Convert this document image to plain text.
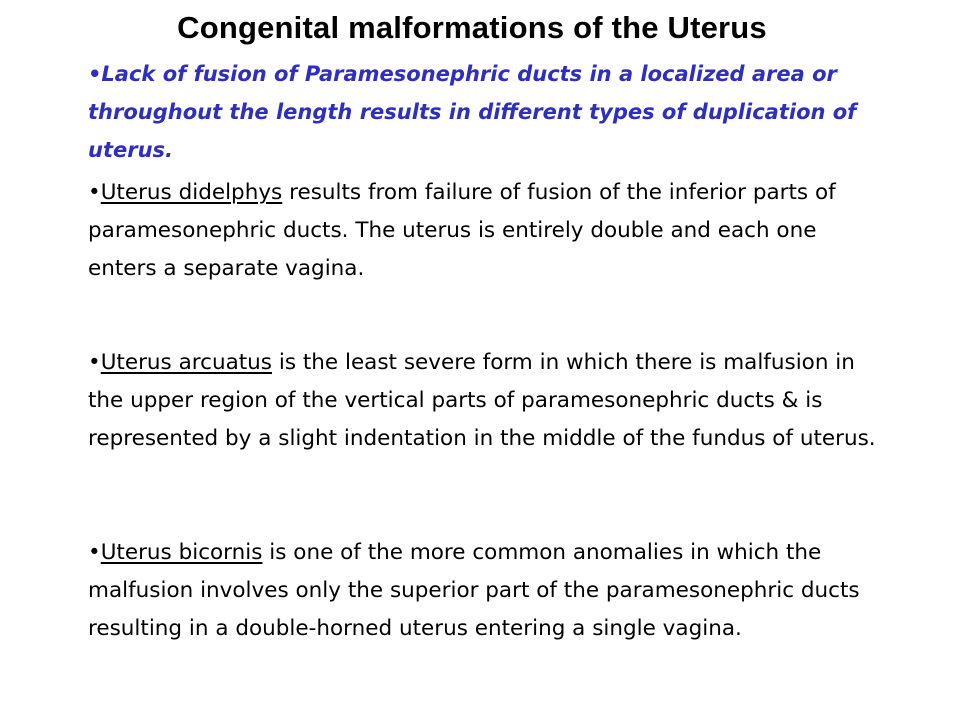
Congenital malformations of the Uterus
•Lack of fusion of Paramesonephric ducts in a localized area or throughout the length results in different types of duplication of uterus.
•Uterus didelphys results from failure of fusion of the inferior parts of paramesonephric ducts. The uterus is entirely double and each one enters a separate vagina.
•Uterus arcuatus is the least severe form in which there is malfusion in the upper region of the vertical parts of paramesonephric ducts & is represented by a slight indentation in the middle of the fundus of uterus.
•Uterus bicornis is one of the more common anomalies in which the malfusion involves only the superior part of the paramesonephric ducts resulting in a double-horned uterus entering a single vagina.
